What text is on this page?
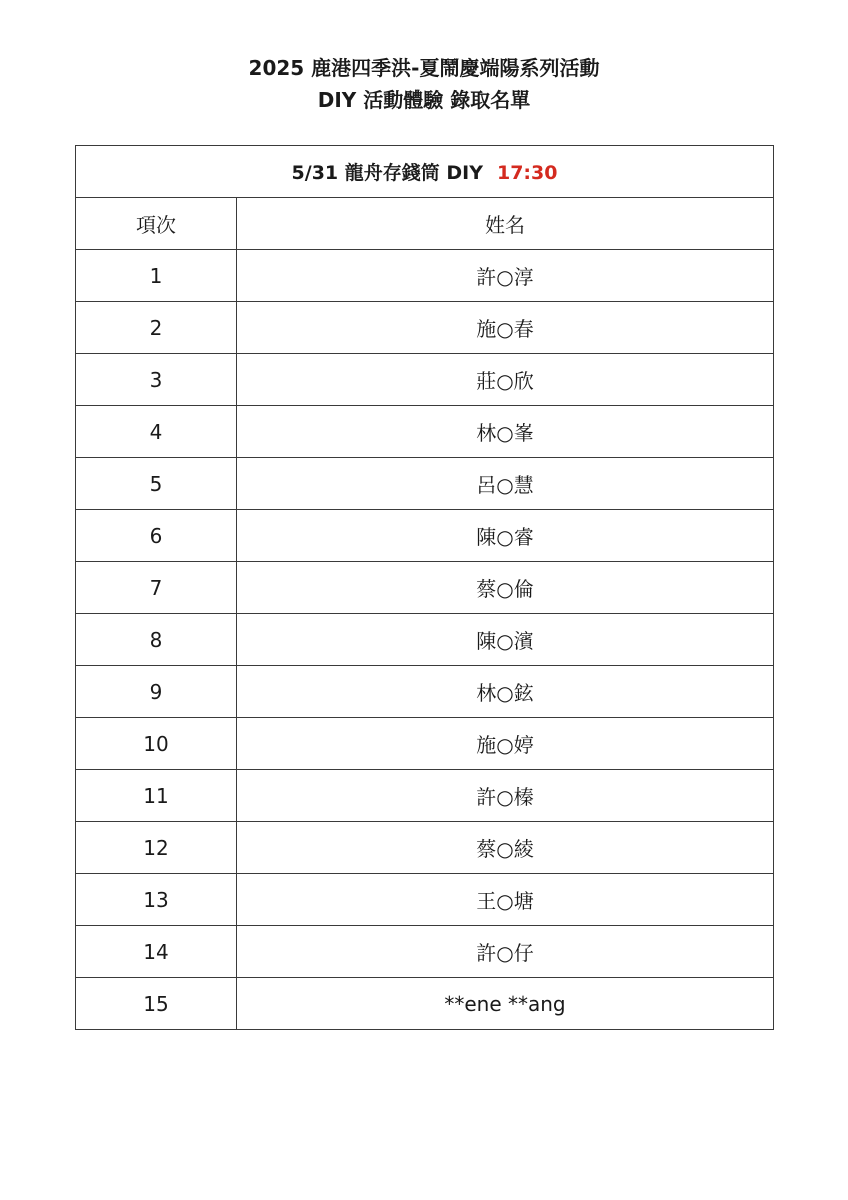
2025 鹿港四季洪-夏鬧慶端陽系列活動
DIY 活動體驗 錄取名單
5/31 龍舟存錢筒 DIY 17:30	
項次	姓名
1	許○淳
2	施○春
3	莊○欣
4	林○峯
5	呂○慧
6	陳○睿
7	蔡○倫
8	陳○濱
9	林○鉉
10	施○婷
11	許○榛
12	蔡○綾
13	王○塘
14	許○仔
15	**ene **ang
